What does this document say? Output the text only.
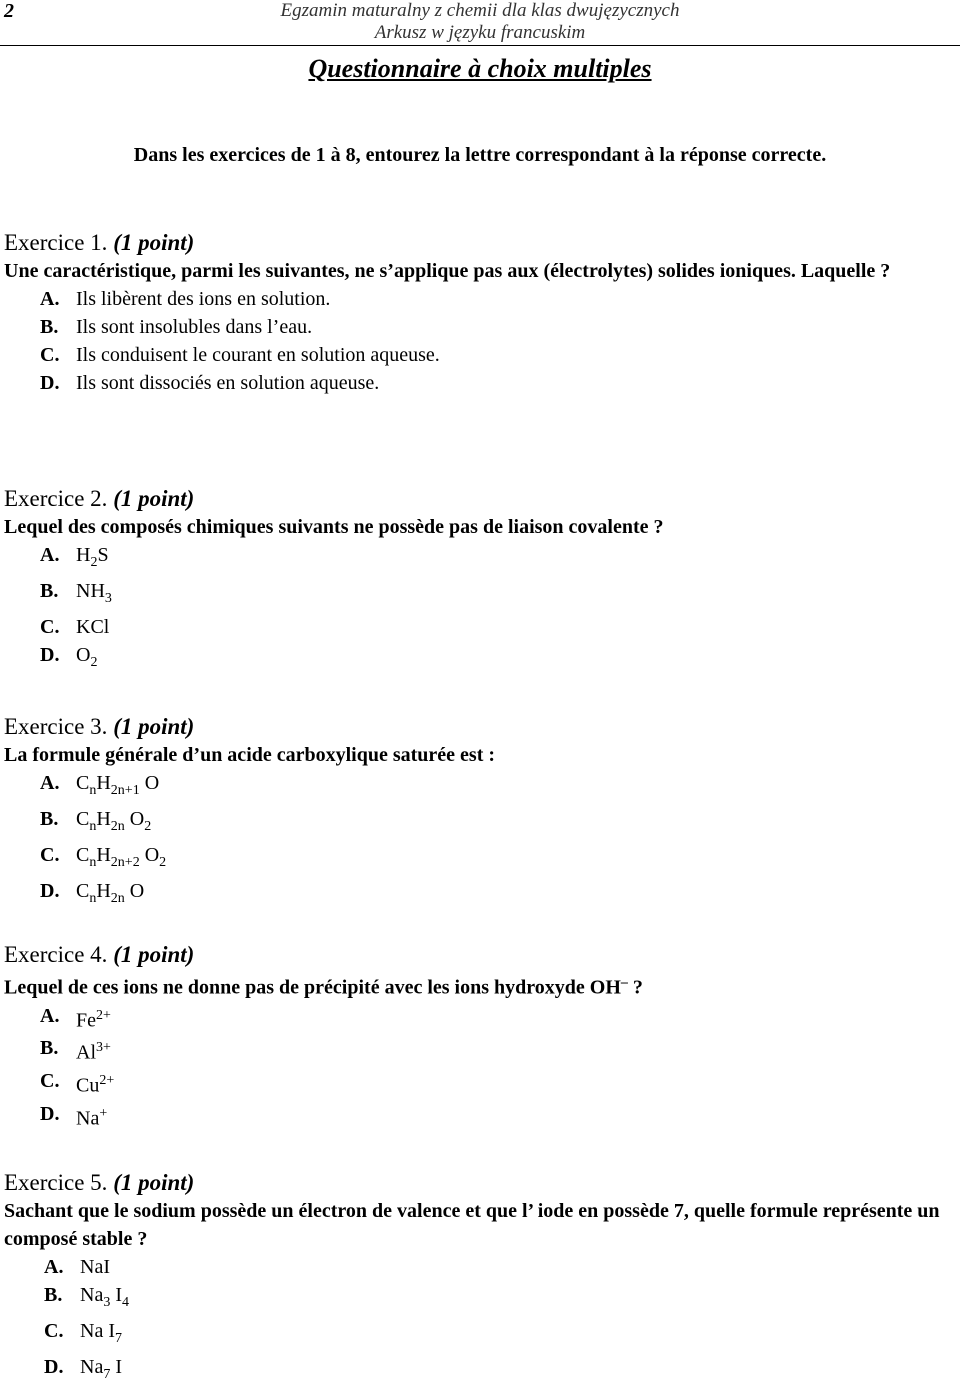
2	Egzamin maturalny z chemii dla klas dwujęzycznych
Arkusz w języku francuskim
Questionnaire à choix multiples
Dans les exercices de 1 à 8, entourez la lettre correspondant à la réponse correcte.
Exercice 1. (1 point)
Une caractéristique, parmi les suivantes, ne s’applique pas aux (électrolytes) solides ioniques. Laquelle ?
A. Ils libèrent des ions en solution.
B. Ils sont insolubles dans l’eau.
C. Ils conduisent le courant en solution aqueuse.
D. Ils sont dissociés en solution aqueuse.
Exercice 2. (1 point)
Lequel des composés chimiques suivants ne possède pas de liaison covalente ?
A. $H_2S$
B. $NH_3$
C. KCl
D. $O_2$
Exercice 3. (1 point)
La formule générale d’un acide carboxylique saturée est :
A. $C_nH_{2n+1}$ O
B. $C_nH_{2n}$ $O_2$
C. $C_nH_{2n+2}$ $O_2$
D. $C_nH_{2n}$ O
Exercice 4. (1 point)
Lequel de ces ions ne donne pas de précipité avec les ions hydroxyde OH– ?
A. $Fe^{2+}$
B. $Al^{3+}$
C. $Cu^{2+}$
D. Na+
Exercice 5. (1 point)
Sachant que le sodium possède un électron de valence et que l’ iode en possède 7, quelle formule représente un composé stable ?
A. NaI
B. $Na_3$ $I_4$
C. Na $I_7$
D. $Na_7$ I
